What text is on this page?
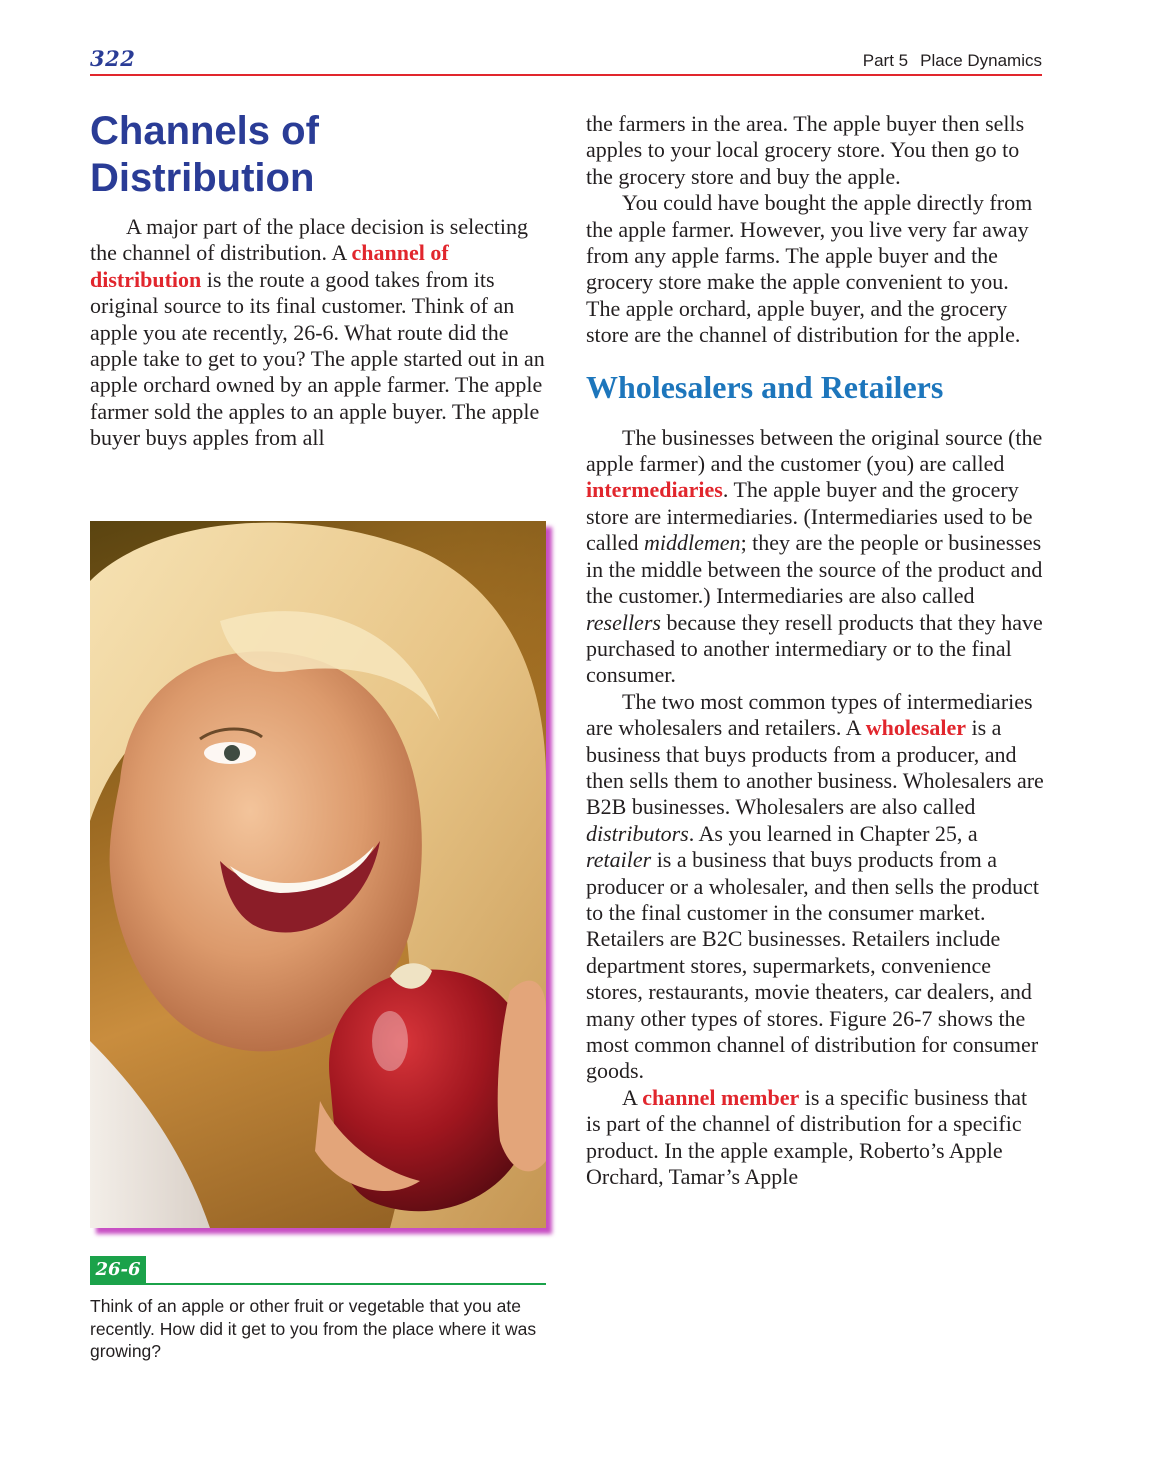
322	Part 5 Place Dynamics
Channels of
Distribution

A major part of the place decision is selecting the channel of distribution. A channel of distribution is the route a good takes from its original source to its final customer. Think of an apple you ate recently, 26-6. What route did the apple take to get to you? The apple started out in an apple orchard owned by an apple farmer. The apple farmer sold the apples to an apple buyer. The apple buyer buys apples from all

26-6

Think of an apple or other fruit or vegetable that you ate recently. How did it get to you from the place where it was growing?

the farmers in the area. The apple buyer then sells apples to your local grocery store. You then go to the grocery store and buy the apple.

You could have bought the apple directly from the apple farmer. However, you live very far away from any apple farms. The apple buyer and the grocery store make the apple convenient to you. The apple orchard, apple buyer, and the grocery store are the channel of distribution for the apple.

Wholesalers and Retailers

The businesses between the original source (the apple farmer) and the customer (you) are called intermediaries. The apple buyer and the grocery store are intermediaries. (Intermediaries used to be called middlemen; they are the people or businesses in the middle between the source of the product and the customer.) Intermediaries are also called resellers because they resell products that they have purchased to another intermediary or to the final consumer.

The two most common types of intermediaries are wholesalers and retailers. A wholesaler is a business that buys products from a producer, and then sells them to another business. Wholesalers are B2B businesses. Wholesalers are also called distributors. As you learned in Chapter 25, a retailer is a business that buys products from a producer or a wholesaler, and then sells the product to the final customer in the consumer market. Retailers are B2C businesses. Retailers include department stores, supermarkets, convenience stores, restaurants, movie theaters, car dealers, and many other types of stores. Figure 26-7 shows the most common channel of distribution for consumer goods.

A channel member is a specific business that is part of the channel of distribution for a specific product. In the apple example, Roberto’s Apple Orchard, Tamar’s Apple
